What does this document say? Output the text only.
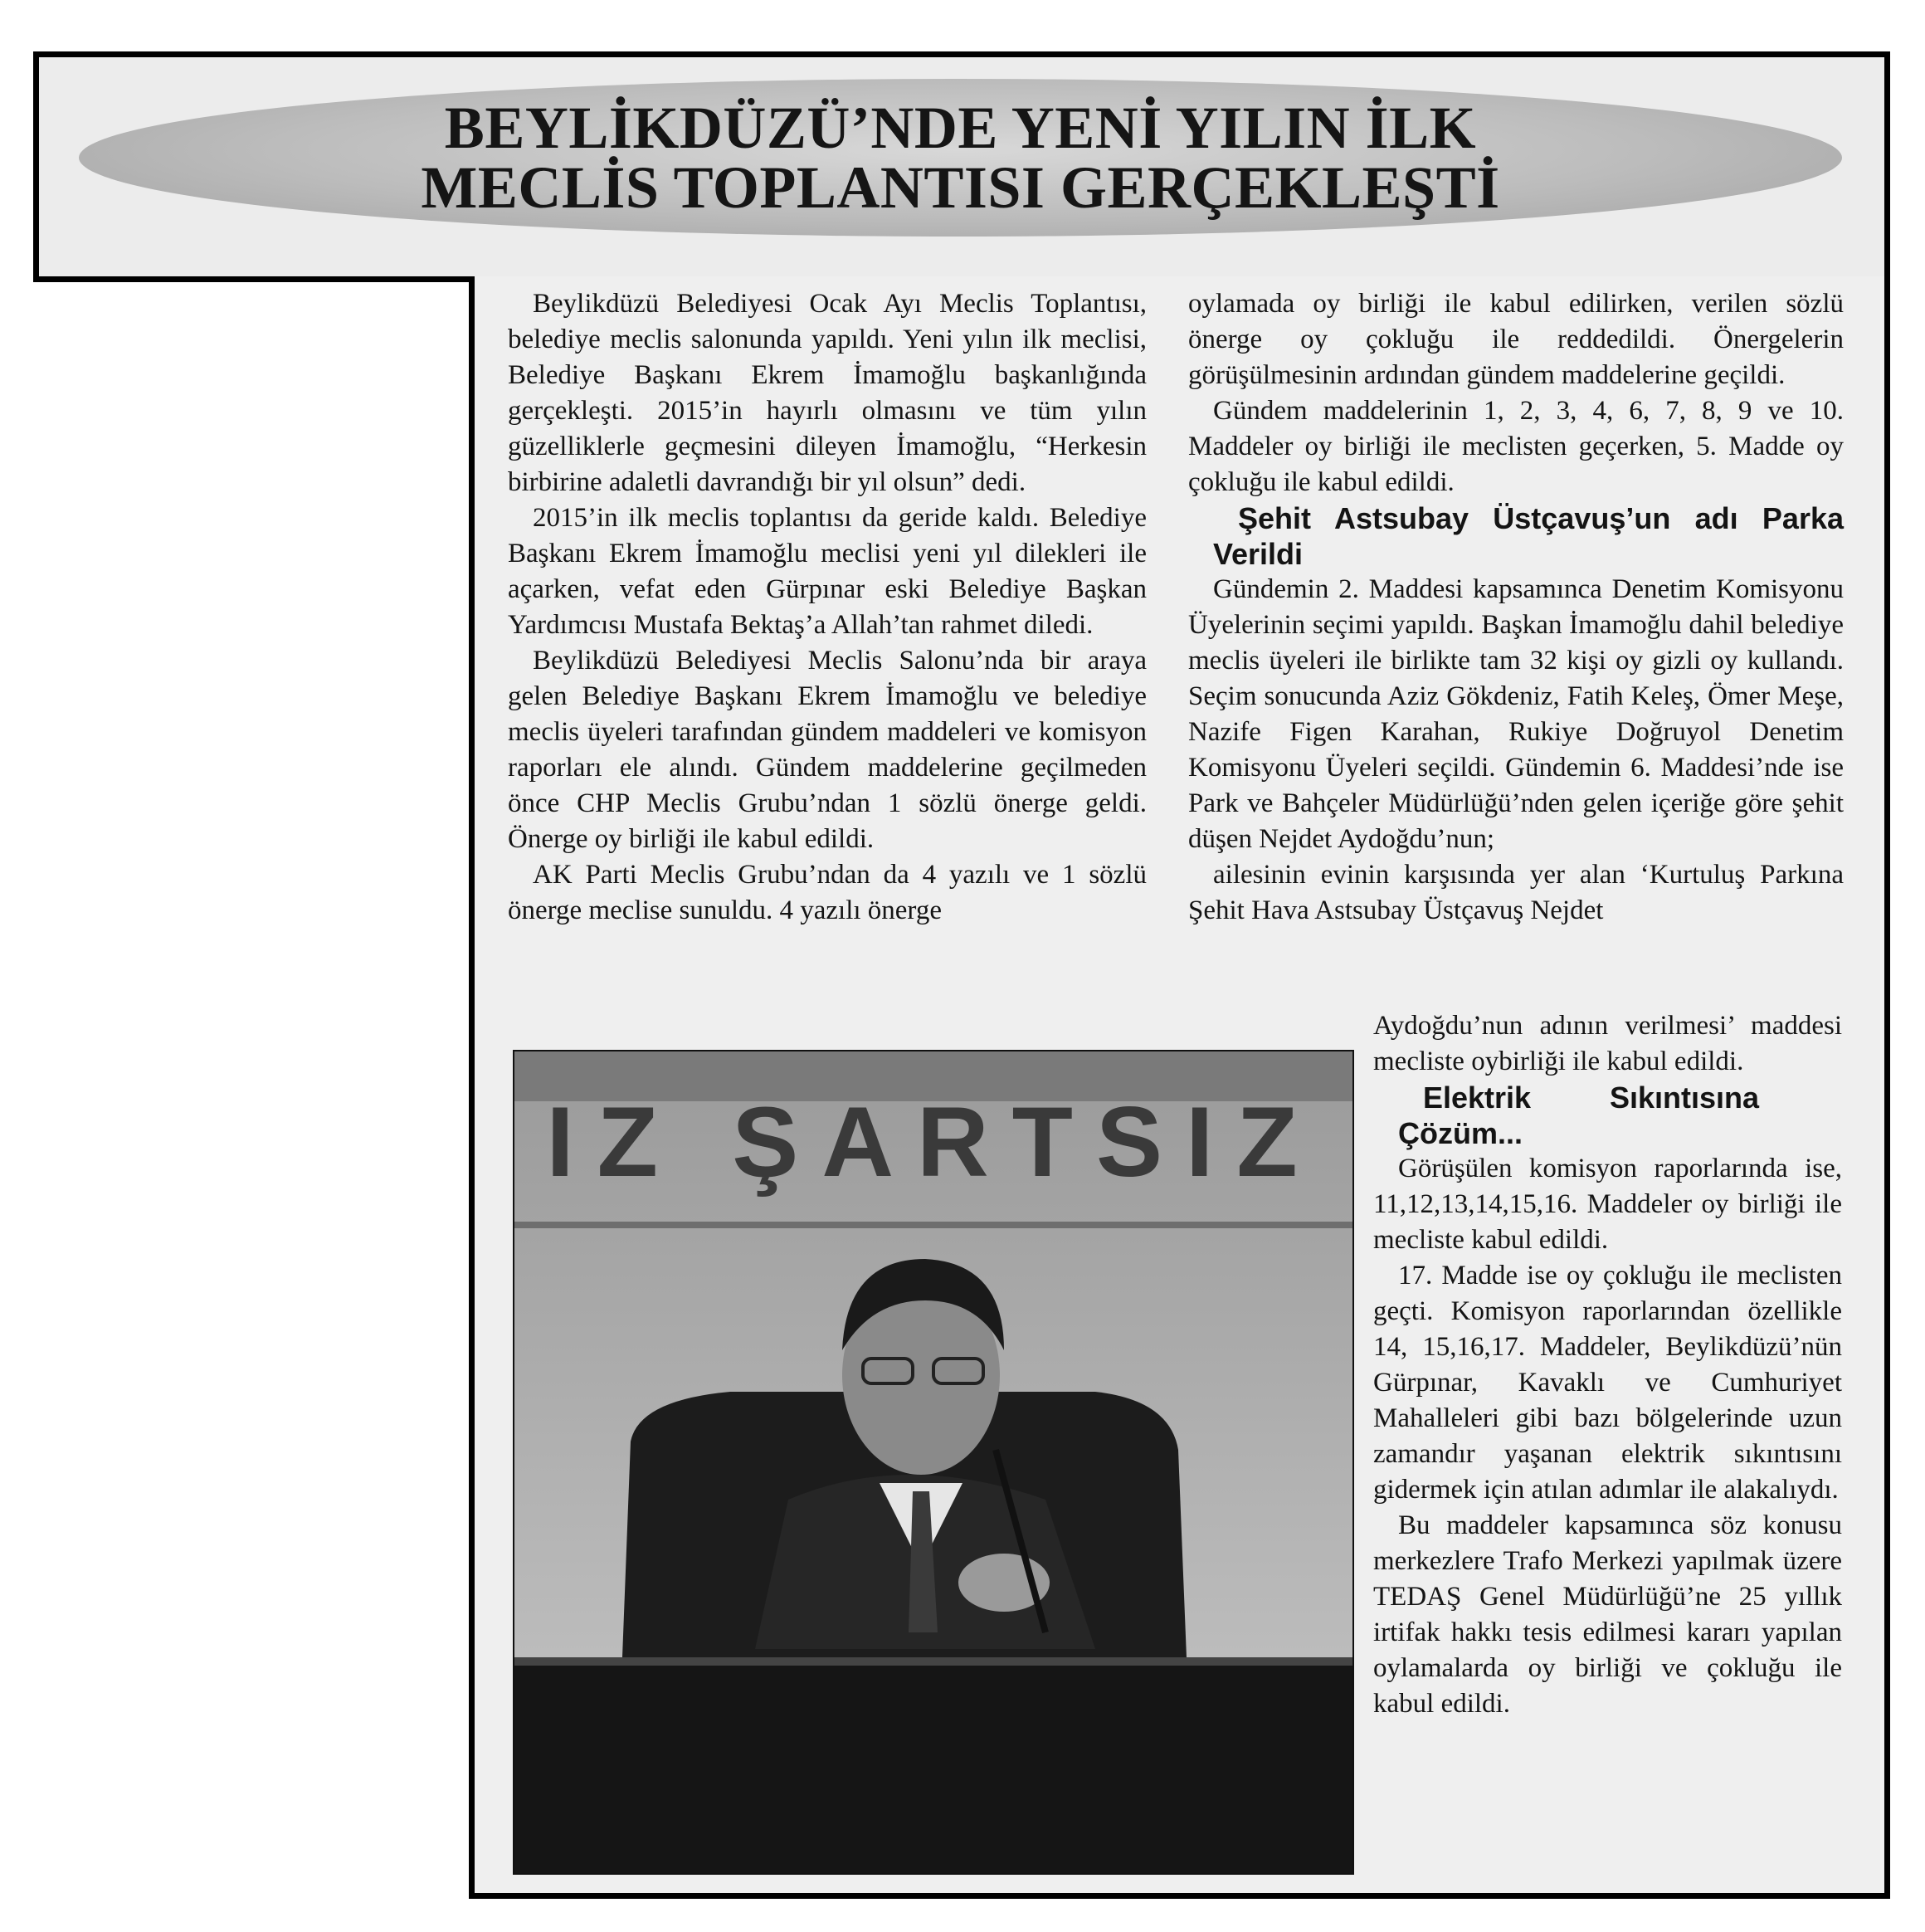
BEYLİKDÜZÜ’NDE YENİ YILIN İLK
MECLİS TOPLANTISI GERÇEKLEŞTİ

Beylikdüzü Belediyesi Ocak Ayı Meclis Toplantısı, belediye meclis salonunda yapıldı. Yeni yılın ilk meclisi, Belediye Başkanı Ekrem İmamoğlu başkanlığında gerçekleşti. 2015’in hayırlı olmasını ve tüm yılın güzelliklerle geçmesini dileyen İmamoğlu, “Herkesin birbirine adaletli davrandığı bir yıl olsun” dedi.

2015’in ilk meclis toplantısı da geride kaldı. Belediye Başkanı Ekrem İmamoğlu meclisi yeni yıl dilekleri ile açarken, vefat eden Gürpınar eski Belediye Başkan Yardımcısı Mustafa Bektaş’a Allah’tan rahmet diledi.

Beylikdüzü Belediyesi Meclis Salonu’nda bir araya gelen Belediye Başkanı Ekrem İmamoğlu ve belediye meclis üyeleri tarafından gündem maddeleri ve komisyon raporları ele alındı. Gündem maddelerine geçilmeden önce CHP Meclis Grubu’ndan 1 sözlü önerge geldi. Önerge oy birliği ile kabul edildi.

AK Parti Meclis Grubu’ndan da 4 yazılı ve 1 sözlü önerge meclise sunuldu. 4 yazılı önerge

oylamada oy birliği ile kabul edilirken, verilen sözlü önerge oy çokluğu ile reddedildi. Önergelerin görüşülmesinin ardından gündem maddelerine geçildi.

Gündem maddelerinin 1, 2, 3, 4, 6, 7, 8, 9 ve 10. Maddeler oy birliği ile meclisten geçerken, 5. Madde oy çokluğu ile kabul edildi.

Şehit Astsubay Üstçavuş’un adı Parka Verildi

Gündemin 2. Maddesi kapsamınca Denetim Komisyonu Üyelerinin seçimi yapıldı. Başkan İmamoğlu dahil belediye meclis üyeleri ile birlikte tam 32 kişi oy gizli oy kullandı. Seçim sonucunda Aziz Gökdeniz, Fatih Keleş, Ömer Meşe, Nazife Figen Karahan, Rukiye Doğruyol Denetim Komisyonu Üyeleri seçildi. Gündemin 6. Maddesi’nde ise Park ve Bahçeler Müdürlüğü’nden gelen içeriğe göre şehit düşen Nejdet Aydoğdu’nun;

ailesinin evinin karşısında yer alan ‘Kurtuluş Parkına Şehit Hava Astsubay Üstçavuş Nejdet

Aydoğdu’nun adının verilmesi’ maddesi mecliste oybirliği ile kabul edildi.

Elektrik Sıkıntısına Çözüm...

Görüşülen komisyon raporlarında ise, 11,12,13,14,15,16. Maddeler oy birliği ile mecliste kabul edildi.

17. Madde ise oy çokluğu ile meclisten geçti. Komisyon raporlarından özellikle 14, 15,16,17. Maddeler, Beylikdüzü’nün Gürpınar, Kavaklı ve Cumhuriyet Mahalleleri gibi bazı bölgelerinde uzun zamandır yaşanan elektrik sıkıntısını gidermek için atılan adımlar ile alakalıydı.

Bu maddeler kapsamınca söz konusu merkezlere Trafo Merkezi yapılmak üzere TEDAŞ Genel Müdürlüğü’ne 25 yıllık irtifak hakkı tesis edilmesi kararı yapılan oylamalarda oy birliği ve çokluğu ile kabul edildi.

IZ ŞARTSIZ
